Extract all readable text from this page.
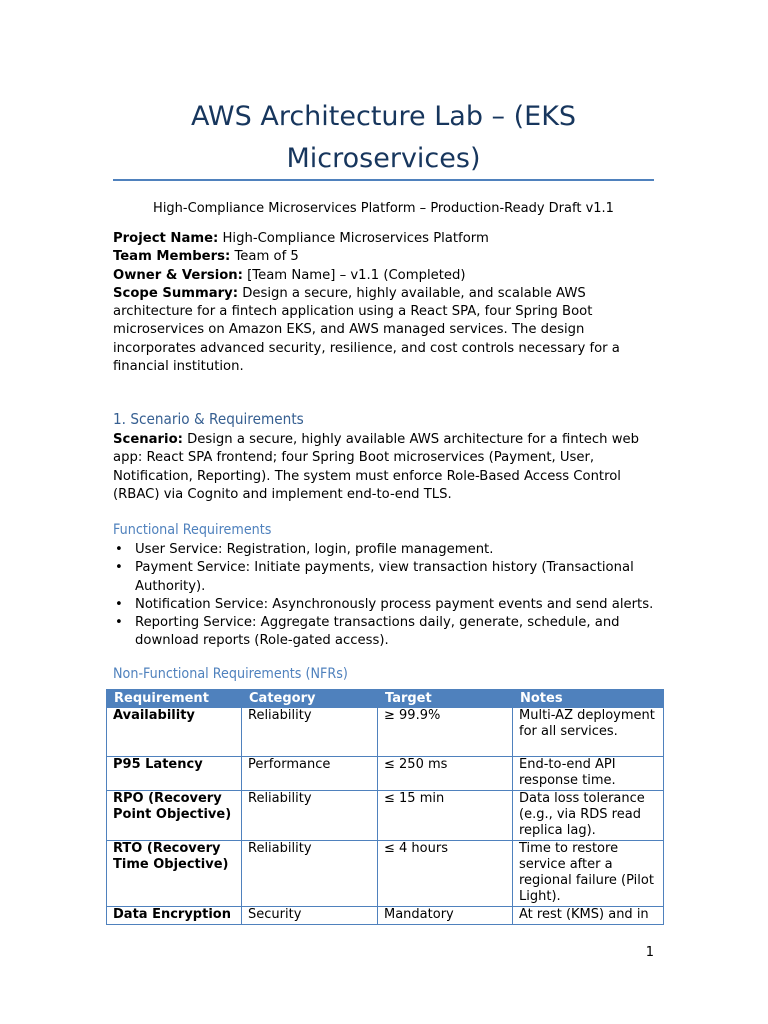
AWS Architecture Lab – (EKS Microservices)
High-Compliance Microservices Platform – Production-Ready Draft v1.1
Project Name: High-Compliance Microservices Platform
Team Members: Team of 5
Owner & Version: [Team Name] – v1.1 (Completed)
Scope Summary: Design a secure, highly available, and scalable AWS architecture for a fintech application using a React SPA, four Spring Boot microservices on Amazon EKS, and AWS managed services. The design incorporates advanced security, resilience, and cost controls necessary for a financial institution.
1. Scenario & Requirements
Scenario: Design a secure, highly available AWS architecture for a fintech web app: React SPA frontend; four Spring Boot microservices (Payment, User, Notification, Reporting). The system must enforce Role-Based Access Control (RBAC) via Cognito and implement end-to-end TLS.
Functional Requirements
• User Service: Registration, login, profile management.
• Payment Service: Initiate payments, view transaction history (Transactional Authority).
• Notification Service: Asynchronously process payment events and send alerts.
• Reporting Service: Aggregate transactions daily, generate, schedule, and download reports (Role-gated access).
Non-Functional Requirements (NFRs)
Requirement	Category	Target	Notes
Availability	Reliability	≥ 99.9%	Multi-AZ deployment for all services.
P95 Latency	Performance	≤ 250 ms	End-to-end API response time.
RPO (Recovery Point Objective)	Reliability	≤ 15 min	Data loss tolerance (e.g., via RDS read replica lag).
RTO (Recovery Time Objective)	Reliability	≤ 4 hours	Time to restore service after a regional failure (Pilot Light).
Data Encryption	Security	Mandatory	At rest (KMS) and in
1
